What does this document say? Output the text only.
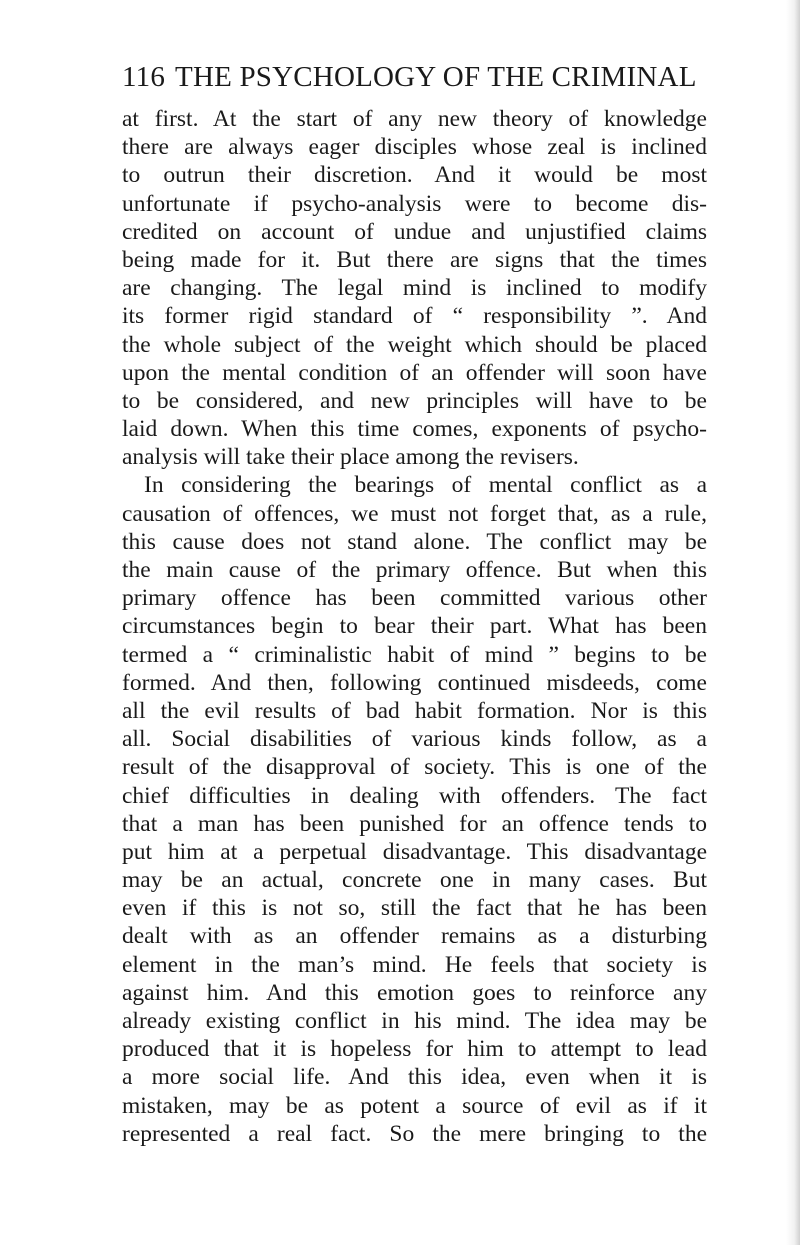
116 THE PSYCHOLOGY OF THE CRIMINAL
at first. At the start of any new theory of knowledge
there are always eager disciples whose zeal is inclined
to outrun their discretion. And it would be most
unfortunate if psycho-analysis were to become dis-
credited on account of undue and unjustified claims
being made for it. But there are signs that the times
are changing. The legal mind is inclined to modify
its former rigid standard of “ responsibility ”. And
the whole subject of the weight which should be placed
upon the mental condition of an offender will soon have
to be considered, and new principles will have to be
laid down. When this time comes, exponents of psycho-
analysis will take their place among the revisers.
In considering the bearings of mental conflict as a
causation of offences, we must not forget that, as a rule,
this cause does not stand alone. The conflict may be
the main cause of the primary offence. But when this
primary offence has been committed various other
circumstances begin to bear their part. What has been
termed a “ criminalistic habit of mind ” begins to be
formed. And then, following continued misdeeds, come
all the evil results of bad habit formation. Nor is this
all. Social disabilities of various kinds follow, as a
result of the disapproval of society. This is one of the
chief difficulties in dealing with offenders. The fact
that a man has been punished for an offence tends to
put him at a perpetual disadvantage. This disadvantage
may be an actual, concrete one in many cases. But
even if this is not so, still the fact that he has been
dealt with as an offender remains as a disturbing
element in the man’s mind. He feels that society is
against him. And this emotion goes to reinforce any
already existing conflict in his mind. The idea may be
produced that it is hopeless for him to attempt to lead
a more social life. And this idea, even when it is
mistaken, may be as potent a source of evil as if it
represented a real fact. So the mere bringing to the
